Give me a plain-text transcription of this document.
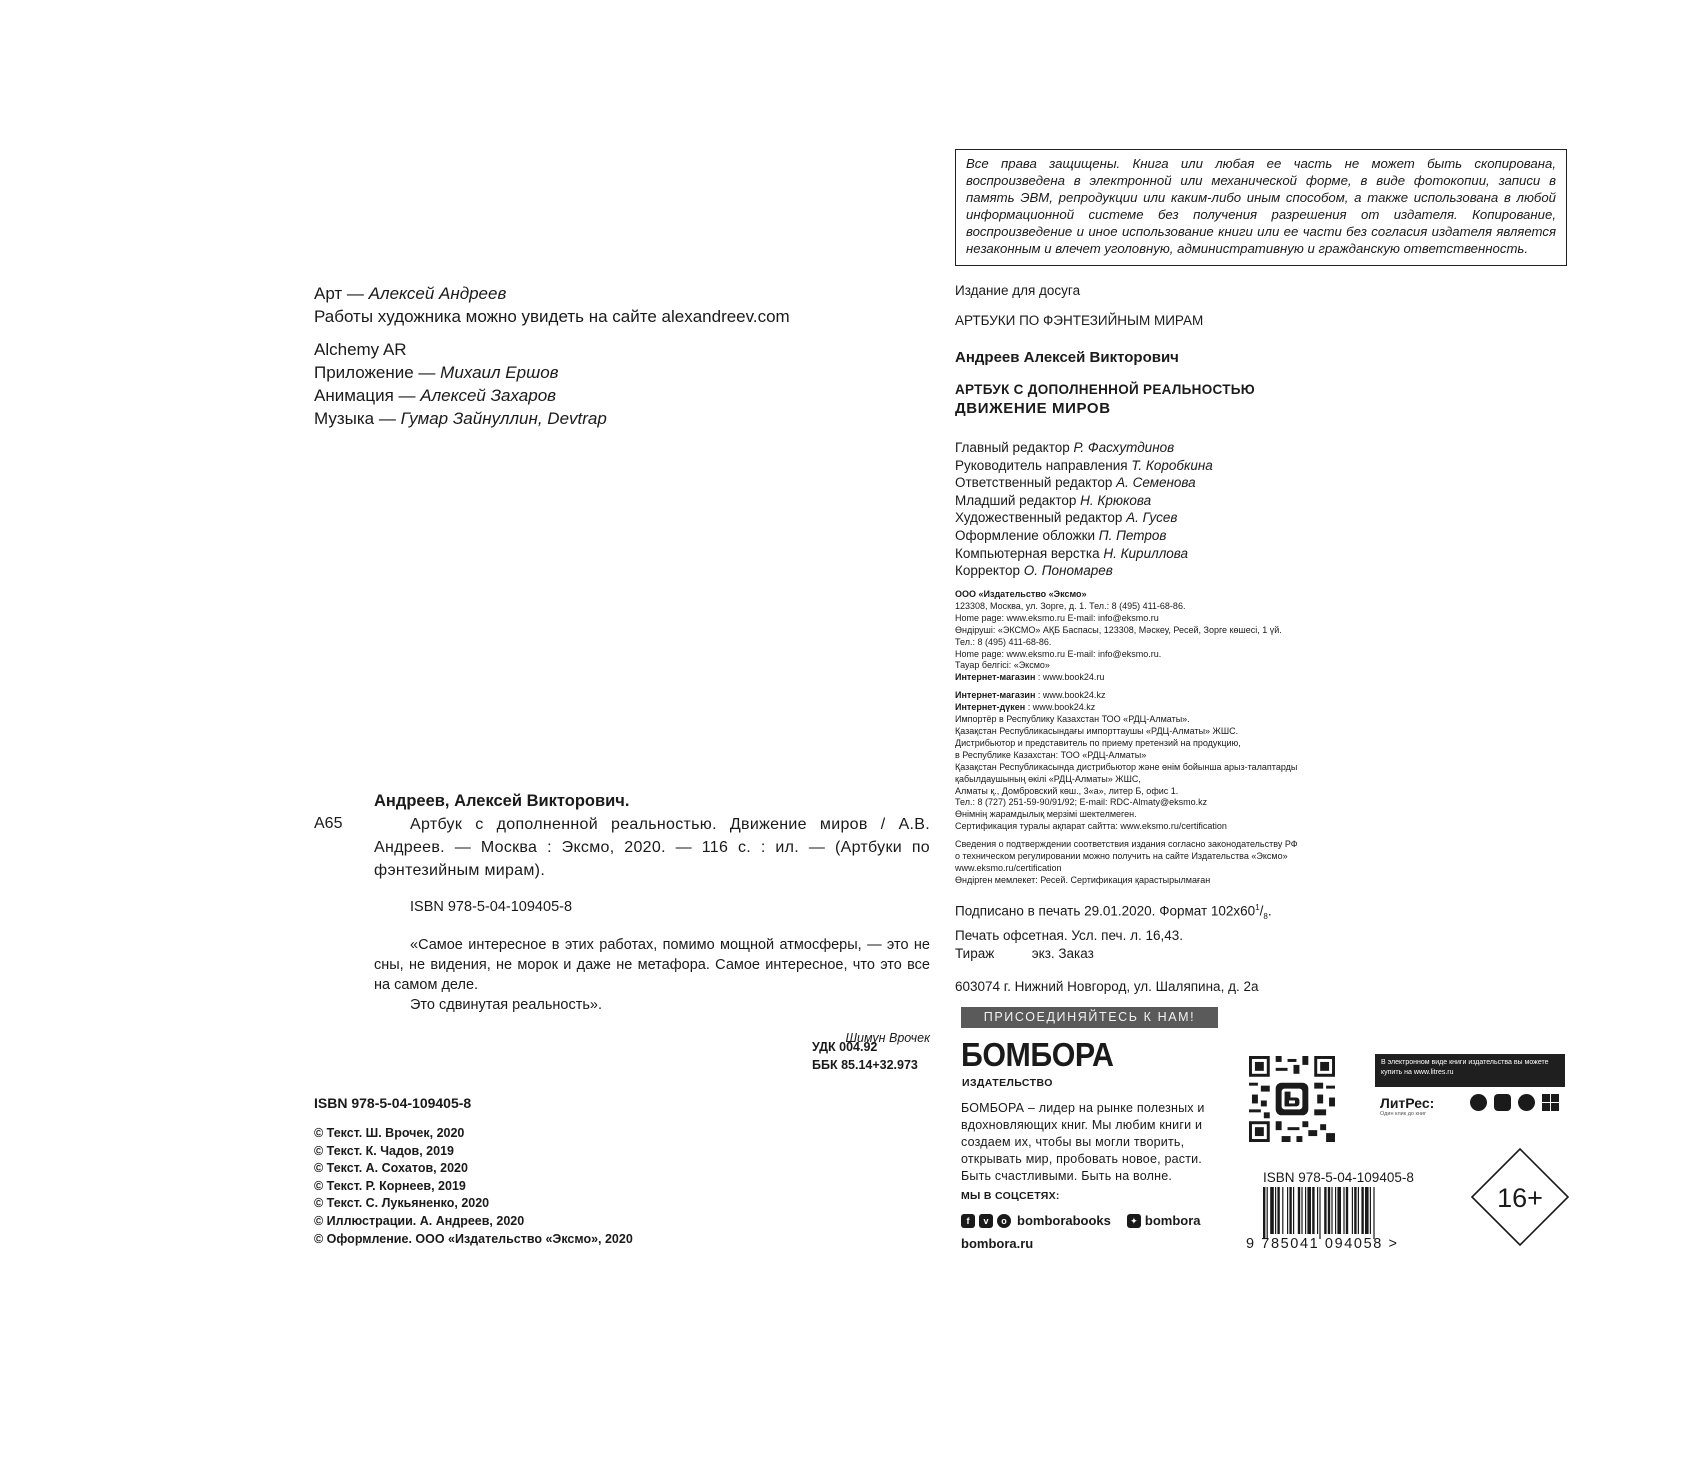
Арт — Алексей Андреев
Работы художника можно увидеть на сайте alexandreev.com
Alchemy AR
Приложение — Михаил Ершов
Анимация — Алексей Захаров
Музыка — Гумар Зайнуллин, Devtrap
А65
Андреев, Алексей Викторович.
Артбук с дополненной реальностью. Движение миров / А.В. Андреев. — Москва : Эксмо, 2020. — 116 с. : ил. — (Артбуки по фэнтезийным мирам).
ISBN 978-5-04-109405-8
«Самое интересное в этих работах, помимо мощной атмосферы, — это не сны, не видения, не морок и даже не метафора. Самое интересное, что это все на самом деле.
Это сдвинутая реальность».
Шимун Врочек
УДК 004.92
ББК 85.14+32.973
ISBN 978-5-04-109405-8
© Текст. Ш. Врочек, 2020
© Текст. К. Чадов, 2019
© Текст. А. Сохатов, 2020
© Текст. Р. Корнеев, 2019
© Текст. С. Лукьяненко, 2020
© Иллюстрации. А. Андреев, 2020
© Оформление. ООО «Издательство «Эксмо», 2020
Все права защищены. Книга или любая ее часть не может быть скопирована, воспроизведена в электронной или механической форме, в виде фотокопии, записи в память ЭВМ, репродукции или каким-либо иным способом, а также использована в любой информационной системе без получения разрешения от издателя. Копирование, воспроизведение и иное использование книги или ее части без согласия издателя является незаконным и влечет уголовную, административную и гражданскую ответственность.
Издание для досуга
АРТБУКИ ПО ФЭНТЕЗИЙНЫМ МИРАМ
Андреев Алексей Викторович
АРТБУК С ДОПОЛНЕННОЙ РЕАЛЬНОСТЬЮ
ДВИЖЕНИЕ МИРОВ
Главный редактор Р. Фасхутдинов
Руководитель направления Т. Коробкина
Ответственный редактор А. Семенова
Младший редактор Н. Крюкова
Художественный редактор А. Гусев
Оформление обложки П. Петров
Компьютерная верстка Н. Кириллова
Корректор О. Пономарев
ООО «Издательство «Эксмо»
123308, Москва, ул. Зорге, д. 1. Тел.: 8 (495) 411-68-86.
Home page: www.eksmo.ru E-mail: info@eksmo.ru
Өндіруші: «ЭКСМО» АҚБ Баспасы, 123308, Мәскеу, Ресей, Зорге көшесі, 1 үй.
Тел.: 8 (495) 411-68-86.
Home page: www.eksmo.ru E-mail: info@eksmo.ru.
Тауар белгісі: «Эксмо»
Интернет-магазин : www.book24.ru
Интернет-магазин : www.book24.kz
Интернет-дүкен : www.book24.kz
Импортёр в Республику Казахстан ТОО «РДЦ-Алматы».
Қазақстан Республикасындағы импорттаушы «РДЦ-Алматы» ЖШС.
Дистрибьютор и представитель по приему претензий на продукцию,
в Республике Казахстан: ТОО «РДЦ-Алматы»
Қазақстан Республикасында дистрибьютор және өнім бойынша арыз-талаптарды
қабылдаушының өкілі «РДЦ-Алматы» ЖШС,
Алматы қ., Домбровский көш., 3«а», литер Б, офис 1.
Тел.: 8 (727) 251-59-90/91/92; E-mail: RDC-Almaty@eksmo.kz
Өнімнің жарамдылық мерзімі шектелмеген.
Сертификация туралы ақпарат сайтта: www.eksmo.ru/certification
Сведения о подтверждении соответствия издания согласно законодательству РФ
о техническом регулировании можно получить на сайте Издательства «Эксмо»
www.eksmo.ru/certification
Өндірген мемлекет: Ресей. Сертификация қарастырылмаған
Подписано в печать 29.01.2020. Формат $102x60^1/_8$.
Печать офсетная. Усл. печ. л. 16,43.
Тираж          экз. Заказ
603074 г. Нижний Новгород, ул. Шаляпина, д. 2а
ПРИСОЕДИНЯЙТЕСЬ К НАМ!
БОМБОРА
ИЗДАТЕЛЬСТВО
БОМБОРА – лидер на рынке полезных и вдохновляющих книг. Мы любим книги и создаем их, чтобы вы могли творить, открывать мир, пробовать новое, расти. Быть счастливыми. Быть на волне.
МЫ В СОЦСЕТЯХ:
f	v	o bomborabooks	✦ bombora
bombora.ru
В электронном виде книги издательства вы можете купить на www.litres.ru
ЛитРес:
Один клик до книг
ISBN 978-5-04-109405-8
9 785041 094058 >
16+
